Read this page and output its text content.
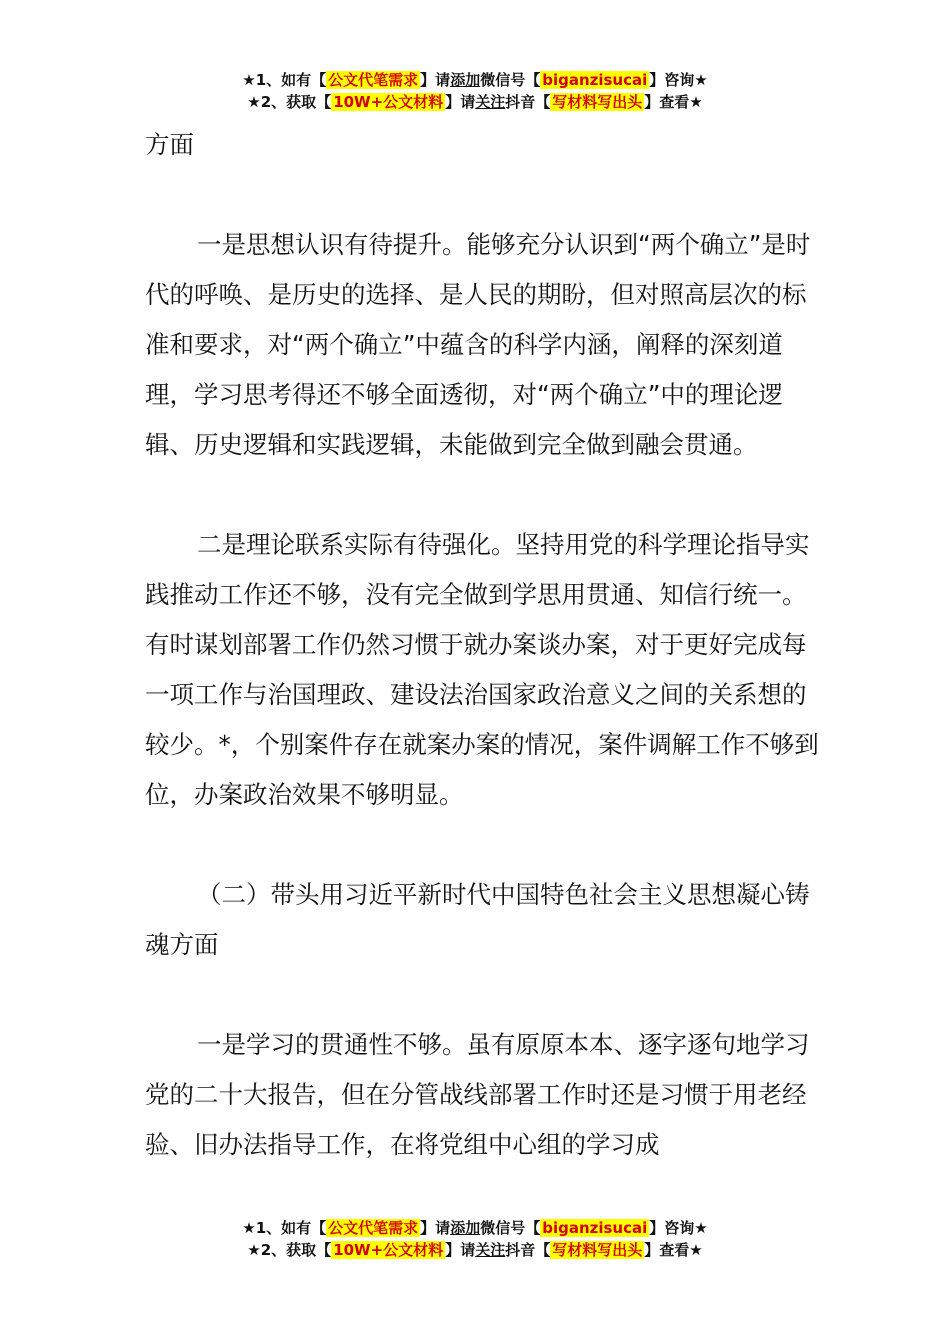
★1、如有【 公文代笔需求 】请添加微信号【 biganzisucai 】咨询★
★2、获取【 10W+公文材料 】请关注抖音【 写材料写出头 】查看★

方面

一是思想认识有待提升。能够充分认识到“两个确立”是时代的呼唤、是历史的选择、是人民的期盼，但对照高层次的标准和要求，对“两个确立”中蕴含的科学内涵，阐释的深刻道理，学习思考得还不够全面透彻，对“两个确立”中的理论逻辑、历史逻辑和实践逻辑，未能做到完全做到融会贯通。

二是理论联系实际有待强化。坚持用党的科学理论指导实践推动工作还不够，没有完全做到学思用贯通、知信行统一。有时谋划部署工作仍然习惯于就办案谈办案，对于更好完成每一项工作与治国理政、建设法治国家政治意义之间的关系想的较少。*，个别案件存在就案办案的情况，案件调解工作不够到位，办案政治效果不够明显。

（二）带头用习近平新时代中国特色社会主义思想凝心铸魂方面

一是学习的贯通性不够。虽有原原本本、逐字逐句地学习党的二十大报告，但在分管战线部署工作时还是习惯于用老经验、旧办法指导工作，在将党组中心组的学习成

★1、如有【 公文代笔需求 】请添加微信号【 biganzisucai 】咨询★
★2、获取【 10W+公文材料 】请关注抖音【 写材料写出头 】查看★
